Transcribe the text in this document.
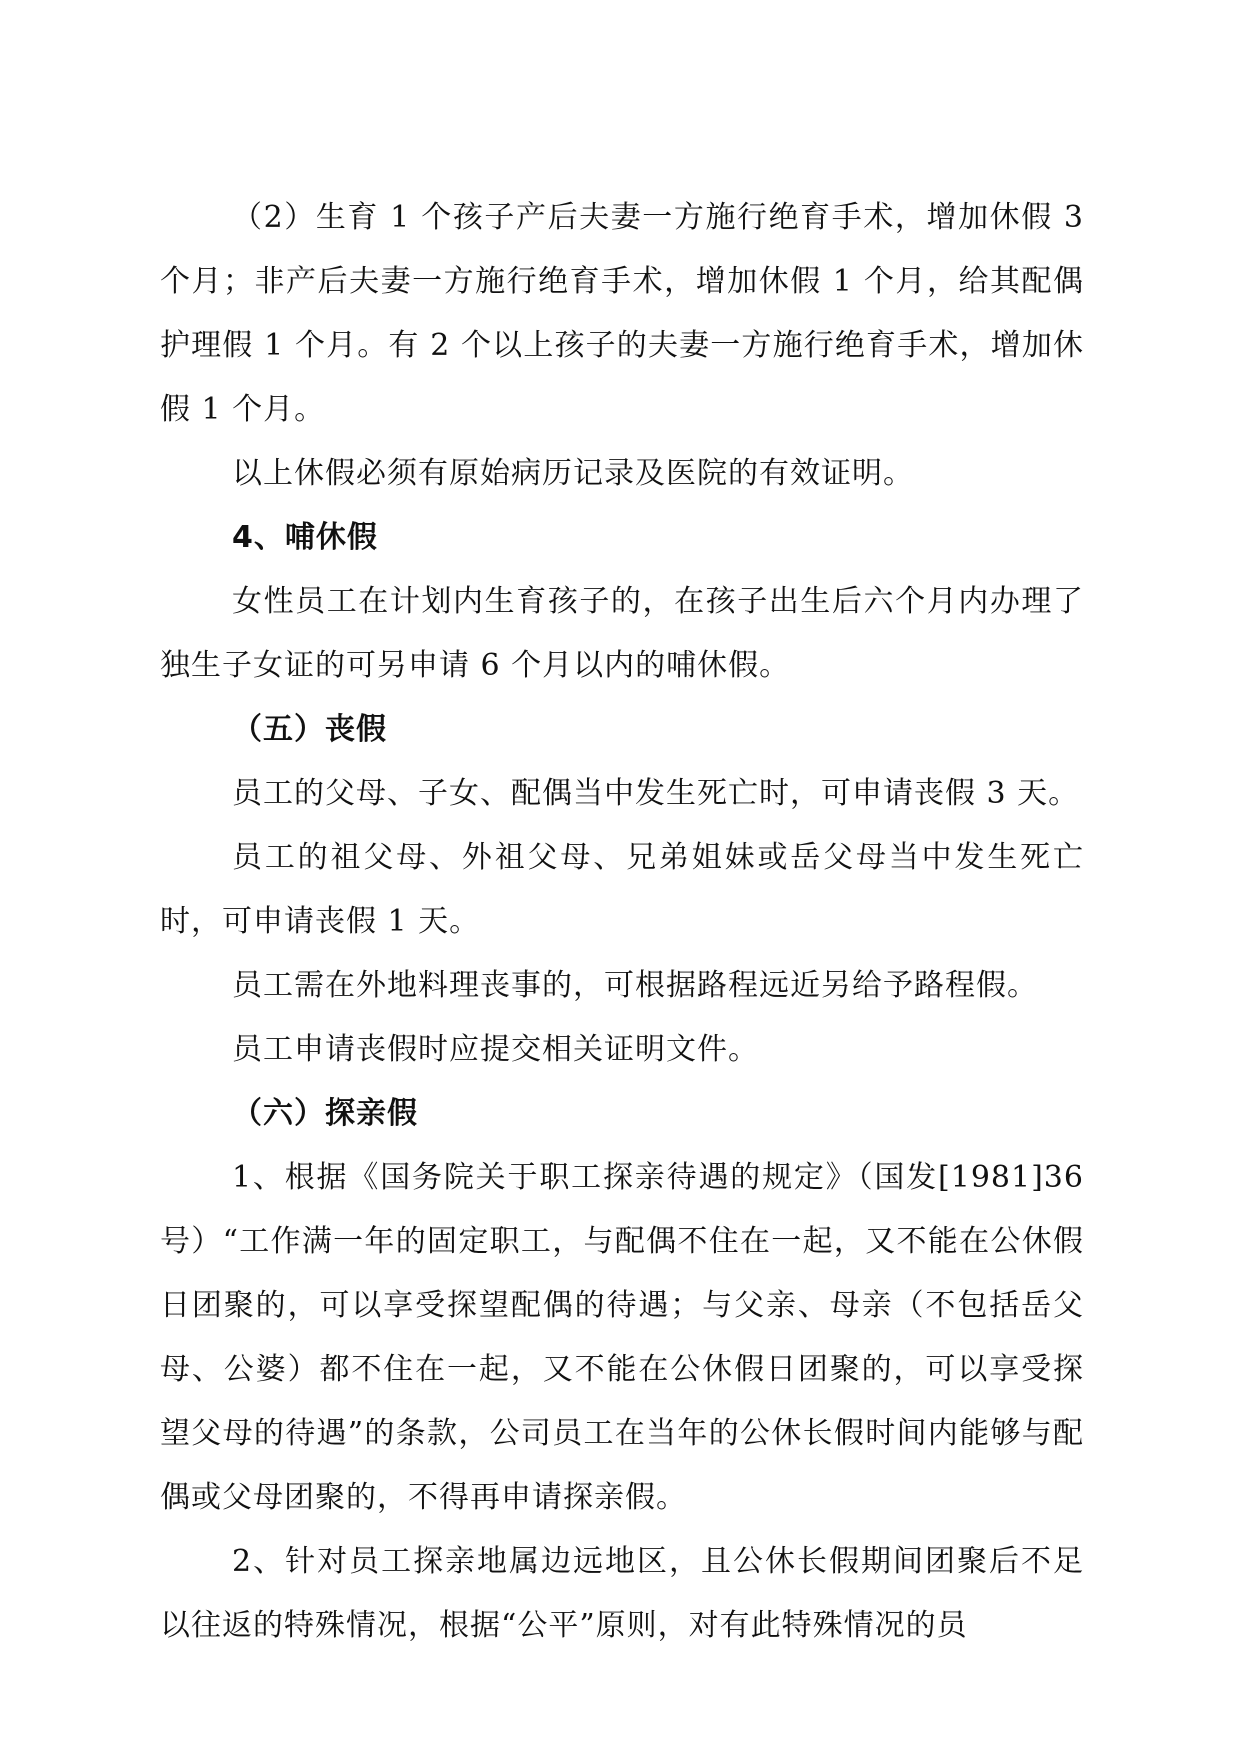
（2）生育 1 个孩子产后夫妻一方施行绝育手术，增加休假 3 个月；非产后夫妻一方施行绝育手术，增加休假 1 个月，给其配偶护理假 1 个月。有 2 个以上孩子的夫妻一方施行绝育手术，增加休假 1 个月。

以上休假必须有原始病历记录及医院的有效证明。

4、哺休假

女性员工在计划内生育孩子的，在孩子出生后六个月内办理了独生子女证的可另申请 6 个月以内的哺休假。

（五）丧假

员工的父母、子女、配偶当中发生死亡时，可申请丧假 3 天。

员工的祖父母、外祖父母、兄弟姐妹或岳父母当中发生死亡时，可申请丧假 1 天。

员工需在外地料理丧事的，可根据路程远近另给予路程假。

员工申请丧假时应提交相关证明文件。

（六）探亲假

1、根据《国务院关于职工探亲待遇的规定》（国发[1981]36号）“工作满一年的固定职工，与配偶不住在一起，又不能在公休假日团聚的，可以享受探望配偶的待遇；与父亲、母亲（不包括岳父母、公婆）都不住在一起，又不能在公休假日团聚的，可以享受探望父母的待遇”的条款，公司员工在当年的公休长假时间内能够与配偶或父母团聚的，不得再申请探亲假。

2、针对员工探亲地属边远地区，且公休长假期间团聚后不足以往返的特殊情况，根据“公平”原则，对有此特殊情况的员
